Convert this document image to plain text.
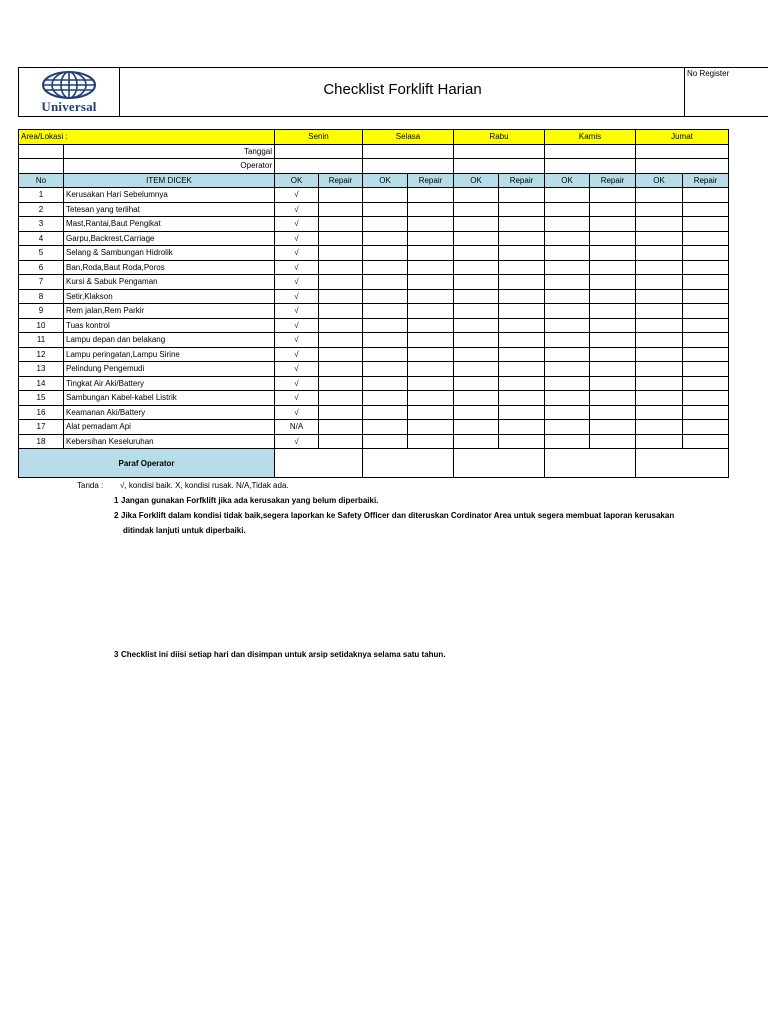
Universal
Checklist Forklift Harian
No Register
Area/Lokasi :		Senin		Selasa		Rabu		Kamis		Jumat	
	Tanggal										
	Operator										
No	ITEM DICEK	OK	Repair	OK	Repair	OK	Repair	OK	Repair	OK	Repair
1	Kerusakan Hari Sebelumnya	√									
2	Tetesan yang terlihat	√									
3	Mast,Rantai,Baut Pengikat	√									
4	Garpu,Backrest,Carriage	√									
5	Selang & Sambungan Hidrolik	√									
6	Ban,Roda,Baut Roda,Poros	√									
7	Kursi & Sabuk Pengaman	√									
8	Setir,Klakson	√									
9	Rem jalan,Rem Parkir	√									
10	Tuas kontrol	√									
11	Lampu depan dan belakang	√									
12	Lampu peringatan,Lampu Sirine	√									
13	Pelindung Pengemudi	√									
14	Tingkat Air Aki/Battery	√									
15	Sambungan Kabel-kabel Listrik	√									
16	Keamanan Aki/Battery	√									
17	Alat pemadam Api	N/A									
18	Kebersihan Keseluruhan	√									
Paraf Operator											
Tanda : √, kondisi baik. X, kondisi rusak. N/A,Tidak ada.
1 Jangan gunakan Forfklift jika ada kerusakan yang belum diperbaiki.
2 Jika Forklift dalam kondisi tidak baik,segera laporkan ke Safety Officer dan diteruskan Cordinator Area untuk segera membuat laporan kerusakan
ditindak lanjuti untuk diperbaiki.
3 Checklist ini diisi setiap hari dan disimpan untuk arsip setidaknya selama satu tahun.
